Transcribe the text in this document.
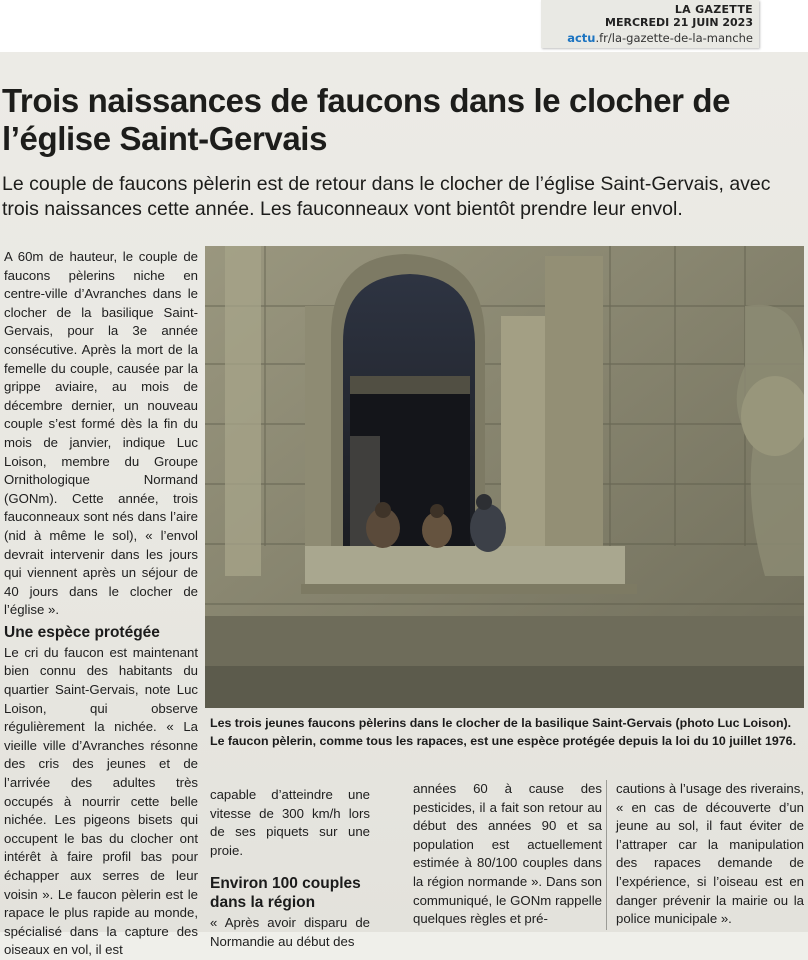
LA GAZETTE
MERCREDI 21 JUIN 2023
actu.fr/la-gazette-de-la-manche
Trois naissances de faucons dans le clocher de l’église Saint-Gervais

Le couple de faucons pèlerin est de retour dans le clocher de l’église Saint-Gervais, avec trois naissances cette année. Les fauconneaux vont bientôt prendre leur envol.

A 60m de hauteur, le couple de faucons pèlerins niche en centre-ville d’Avranches dans le clocher de la basilique Saint-Gervais, pour la 3e année consécutive. Après la mort de la femelle du couple, causée par la grippe aviaire, au mois de décembre dernier, un nouveau couple s’est formé dès la fin du mois de janvier, indique Luc Loison, membre du Groupe Ornithologique Normand (GONm). Cette année, trois fauconneaux sont nés dans l’aire (nid à même le sol), « l’envol devrait intervenir dans les jours qui viennent après un séjour de 40 jours dans le clocher de l’église ».

Une espèce protégée

Le cri du faucon est maintenant bien connu des habitants du quartier Saint-Gervais, note Luc Loison, qui observe régulièrement la nichée. « La vieille ville d’Avranches résonne des cris des jeunes et de l’arrivée des adultes très occupés à nourrir cette belle nichée. Les pigeons bisets qui occupent le bas du clocher ont intérêt à faire profil bas pour échapper aux serres de leur voisin ». Le faucon pèlerin est le rapace le plus rapide au monde, spécialisé dans la capture des oiseaux en vol, il est

Les trois jeunes faucons pèlerins dans le clocher de la basilique Saint-Gervais (photo Luc Loison). Le faucon pèlerin, comme tous les rapaces, est une espèce protégée depuis la loi du 10 juillet 1976.

capable d’atteindre une vitesse de 300 km/h lors de ses piquets sur une proie.

Environ 100 couples dans la région

« Après avoir disparu de Normandie au début des

années 60 à cause des pesticides, il a fait son retour au début des années 90 et sa population est actuellement estimée à 80/100 couples dans la région normande ». Dans son communiqué, le GONm rappelle quelques règles et pré-

cautions à l’usage des riverains, « en cas de découverte d’un jeune au sol, il faut éviter de l’attraper car la manipulation des rapaces demande de l’expérience, si l’oiseau est en danger prévenir la mairie ou la police municipale ».
